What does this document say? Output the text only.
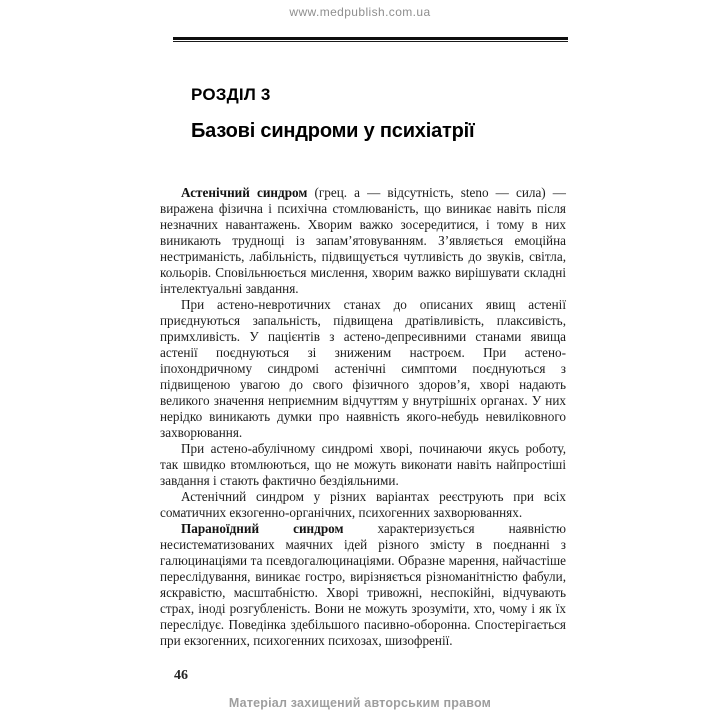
www.medpublish.com.ua
РОЗДІЛ 3
Базові синдроми у психіатрії

Астенічний синдром (грец. а — відсутність, steno — сила) — виражена фізична і психічна стомлюваність, що виникає навіть після незначних навантажень. Хворим важко зосередитися, і тому в них виникають труднощі із запам’ятовуванням. З’являється емоційна нестриманість, лабільність, підвищується чутливість до звуків, світла, кольорів. Сповільнюється мислення, хворим важко вирішувати складні інтелектуальні завдання.

При астено-невротичних станах до описаних явищ астенії приєднуються запальність, підвищена дратівливість, плаксивість, примхливість. У пацієнтів з астено-депресивними станами явища астенії поєднуються зі зниженим настроєм. При астено-іпохондричному синдромі астенічні симптоми поєднуються з підвищеною увагою до свого фізичного здоров’я, хворі надають великого значення неприємним відчуттям у внутрішніх органах. У них нерідко виникають думки про наявність якого-небудь невиліковного захворювання.

При астено-абулічному синдромі хворі, починаючи якусь роботу, так швидко втомлюються, що не можуть виконати навіть найпростіші завдання і стають фактично бездіяльними.

Астенічний синдром у різних варіантах реєструють при всіх соматичних екзогенно-органічних, психогенних захворюваннях.

Параноїдний синдром характеризується наявністю несистематизованих маячних ідей різного змісту в поєднанні з галюцинаціями та псевдогалюцинаціями. Образне марення, найчастіше переслідування, виникає гостро, вирізняється різноманітністю фабули, яскравістю, масштабністю. Хворі тривожні, неспокійні, відчувають страх, іноді розгубленість. Вони не можуть зрозуміти, хто, чому і як їх переслідує. Поведінка здебільшого пасивно-оборонна. Спостерігається при екзогенних, психогенних психозах, шизофренії.

46
Матеріал захищений авторським правом
